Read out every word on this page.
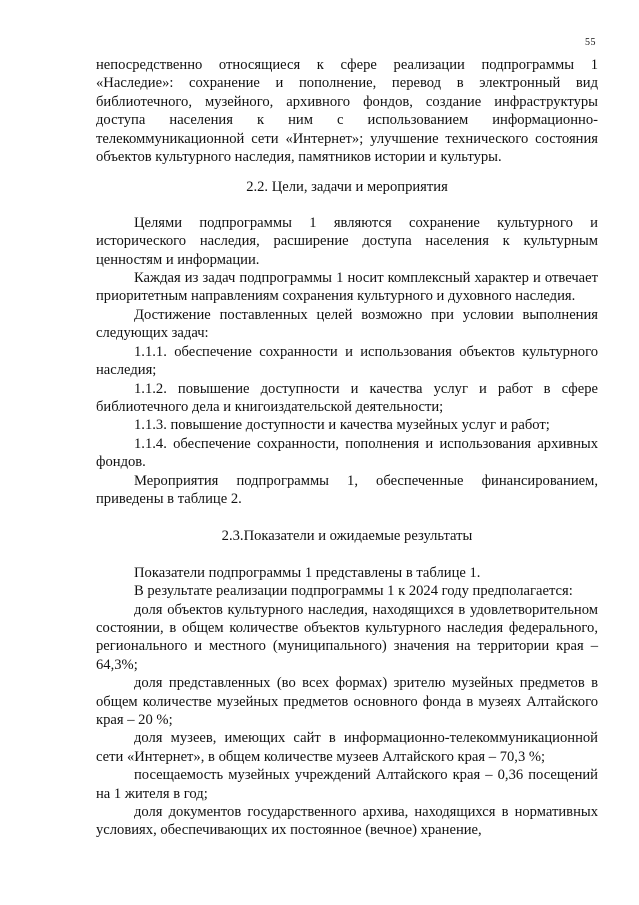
55

непосредственно относящиеся к сфере реализации подпрограммы 1 «Наследие»: сохранение и пополнение, перевод в электронный вид библиотечного, музейного, архивного фондов, создание инфраструктуры доступа населения к ним с использованием информационно-телекоммуникационной сети «Интернет»; улучшение технического состояния объектов культурного наследия, памятников истории и культуры.

2.2. Цели, задачи и мероприятия

Целями подпрограммы 1 являются сохранение культурного и исторического наследия, расширение доступа населения к культурным ценностям и информации.

Каждая из задач подпрограммы 1 носит комплексный характер и отвечает приоритетным направлениям сохранения культурного и духовного наследия.

Достижение поставленных целей возможно при условии выполнения следующих задач:

1.1.1. обеспечение сохранности и использования объектов культурного наследия;

1.1.2. повышение доступности и качества услуг и работ в сфере библиотечного дела и книгоиздательской деятельности;

1.1.3. повышение доступности и качества музейных услуг и работ;

1.1.4. обеспечение сохранности, пополнения и использования архивных фондов.

Мероприятия подпрограммы 1, обеспеченные финансированием, приведены в таблице 2.

2.3.Показатели и ожидаемые результаты

Показатели подпрограммы 1 представлены в таблице 1.

В результате реализации подпрограммы 1 к 2024 году предполагается:

доля объектов культурного наследия, находящихся в удовлетворительном состоянии, в общем количестве объектов культурного наследия федерального, регионального и местного (муниципального) значения на территории края – 64,3%;

доля представленных (во всех формах) зрителю музейных предметов в общем количестве музейных предметов основного фонда в музеях Алтайского края – 20 %;

доля музеев, имеющих сайт в информационно-телекоммуникационной сети «Интернет», в общем количестве музеев Алтайского края – 70,3 %;

посещаемость музейных учреждений Алтайского края – 0,36 посещений на 1 жителя в год;

доля документов государственного архива, находящихся в нормативных условиях, обеспечивающих их постоянное (вечное) хранение,
